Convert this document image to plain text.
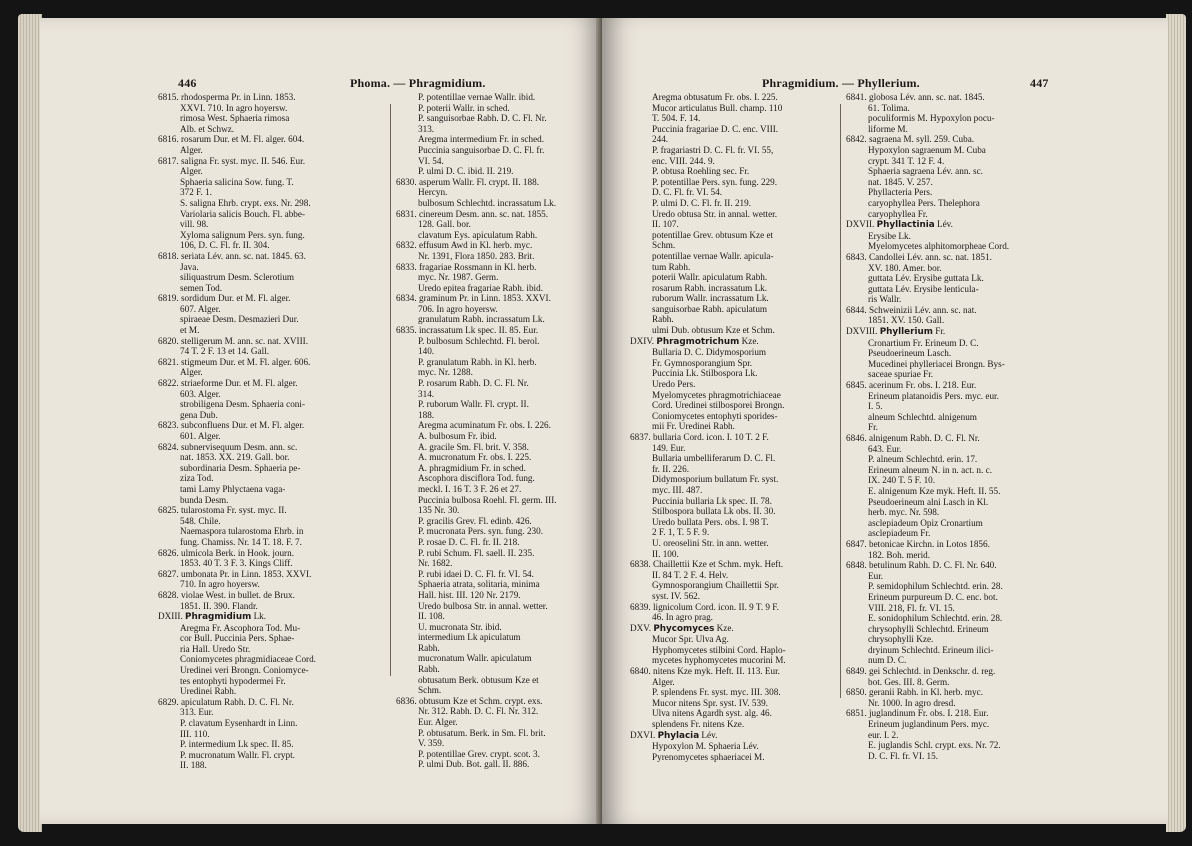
446	Phoma. — Phragmidium.

6815. rhodosperma Pr. in Linn. 1853.

XXVI. 710. In agro hoyersw.

rimosa West. Sphaeria rimosa

Alb. et Schwz.

6816. rosarum Dur. et M. Fl. alger. 604.

Alger.

6817. saligna Fr. syst. myc. II. 546. Eur.

Alger.

Sphaeria salicina Sow. fung. T.

372 F. 1.

S. saligna Ehrb. crypt. exs. Nr. 298.

Variolaria salicis Bouch. Fl. abbe-

vill. 98.

Xyloma salignum Pers. syn. fung.

106, D. C. Fl. fr. II. 304.

6818. seriata Lév. ann. sc. nat. 1845. 63.

Java.

siliquastrum Desm. Sclerotium

semen Tod.

6819. sordidum Dur. et M. Fl. alger.

607. Alger.

spiraeae Desm. Desmazieri Dur.

et M.

6820. stelligerum M. ann. sc. nat. XVIII.

74 T. 2 F. 13 et 14. Gall.

6821. stigmeum Dur. et M. Fl. alger. 606.

Alger.

6822. striaeforme Dur. et M. Fl. alger.

603. Alger.

strobiligena Desm. Sphaeria coni-

gena Dub.

6823. subconfluens Dur. et M. Fl. alger.

601. Alger.

6824. subnervisequum Desm. ann. sc.

nat. 1853. XX. 219. Gall. bor.

subordinaria Desm. Sphaeria pe-

ziza Tod.

tami Lamy Phlyctaena vaga-

bunda Desm.

6825. tularostoma Fr. syst. myc. II.

548. Chile.

Naemaspora tularostoma Ehrb. in

fung. Chamiss. Nr. 14 T. 18. F. 7.

6826. ulmicola Berk. in Hook. journ.

1853. 40 T. 3 F. 3. Kings Cliff.

6827. umbonata Pr. in Linn. 1853. XXVI.

710. In agro hoyersw.

6828. violae West. in bullet. de Brux.

1851. II. 390. Flandr.

DXIII. Phragmidium Lk.

Aregma Fr. Ascophora Tod. Mu-

cor Bull. Puccinia Pers. Sphae-

ria Hall. Uredo Str.

Coniomycetes phragmidiaceae Cord.

Uredinei veri Brongn. Coniomyce-

tes entophyti hypodermei Fr.

Uredinei Rabh.

6829. apiculatum Rabh. D. C. Fl. Nr.

313. Eur.

P. clavatum Eysenhardt in Linn.

III. 110.

P. intermedium Lk spec. II. 85.

P. mucronatum Wallr. Fl. crypt.

II. 188.

P. potentillae vernae Wallr. ibid.

P. poterii Wallr. in sched.

P. sanguisorbae Rabh. D. C. Fl. Nr.

313.

Aregma intermedium Fr. in sched.

Puccinia sanguisorbae D. C. Fl. fr.

VI. 54.

P. ulmi D. C. ibid. II. 219.

6830. asperum Wallr. Fl. crypt. II. 188.

Hercyn.

bulbosum Schlechtd. incrassatum Lk.

6831. cinereum Desm. ann. sc. nat. 1855.

128. Gall. bor.

clavatum Eys. apiculatum Rabh.

6832. effusum Awd in Kl. herb. myc.

Nr. 1391, Flora 1850. 283. Brit.

6833. fragariae Rossmann in Kl. herb.

myc. Nr. 1987. Germ.

Uredo epitea fragariae Rabh. ibid.

6834. graminum Pr. in Linn. 1853. XXVI.

706. In agro hoyersw.

granulatum Rabh. incrassatum Lk.

6835. incrassatum Lk spec. II. 85. Eur.

P. bulbosum Schlechtd. Fl. berol.

140.

P. granulatum Rabh. in Kl. herb.

myc. Nr. 1288.

P. rosarum Rabh. D. C. Fl. Nr.

314.

P. ruborum Wallr. Fl. crypt. II.

188.

Aregma acuminatum Fr. obs. I. 226.

A. bulbosum Fr. ibid.

A. gracile Sm. Fl. brit. V. 358.

A. mucronatum Fr. obs. I. 225.

A. phragmidium Fr. in sched.

Ascophora disciflora Tod. fung.

meckl. I. 16 T. 3 F. 26 et 27.

Puccinia bulbosa Roehl. Fl. germ. III.

135 Nr. 30.

P. gracilis Grev. Fl. edinb. 426.

P. mucronata Pers. syn. fung. 230.

P. rosae D. C. Fl. fr. II. 218.

P. rubi Schum. Fl. saell. II. 235.

Nr. 1682.

P. rubi idaei D. C. Fl. fr. VI. 54.

Sphaeria atrata, solitaria, minima

Hall. hist. III. 120 Nr. 2179.

Uredo bulbosa Str. in annal. wetter.

II. 108.

U. mucronata Str. ibid.

intermedium Lk apiculatum

Rabh.

mucronatum Wallr. apiculatum

Rabh.

obtusatum Berk. obtusum Kze et

Schm.

6836. obtusum Kze et Schm. crypt. exs.

Nr. 312. Rabh. D. C. Fl. Nr. 312.

Eur. Alger.

P. obtusatum. Berk. in Sm. Fl. brit.

V. 359.

P. potentillae Grev. crypt. scot. 3.

P. ulmi Dub. Bot. gall. II. 886.

Phragmidium. — Phyllerium.	447

Aregma obtusatum Fr. obs. I. 225.

Mucor articulatus Bull. champ. 110

T. 504. F. 14.

Puccinia fragariae D. C. enc. VIII.

244.

P. fragariastri D. C. Fl. fr. VI. 55,

enc. VIII. 244. 9.

P. obtusa Roehling sec. Fr.

P. potentillae Pers. syn. fung. 229.

D. C. Fl. fr. VI. 54.

P. ulmi D. C. Fl. fr. II. 219.

Uredo obtusa Str. in annal. wetter.

II. 107.

potentillae Grev. obtusum Kze et

Schm.

potentillae vernae Wallr. apicula-

tum Rabh.

poterii Wallr. apiculatum Rabh.

rosarum Rabh. incrassatum Lk.

ruborum Wallr. incrassatum Lk.

sanguisorbae Rabh. apiculatum

Rabh.

ulmi Dub. obtusum Kze et Schm.

DXIV. Phragmotrichum Kze.

Bullaria D. C. Didymosporium

Fr. Gymnosporangium Spr.

Puccinia Lk. Stilbospora Lk.

Uredo Pers.

Myelomycetes phragmotrichiaceae

Cord. Uredinei stilbosporei Brongn.

Coniomycetes entophyti sporides-

mii Fr. Uredinei Rabh.

6837. bullaria Cord. icon. I. 10 T. 2 F.

149. Eur.

Bullaria umbelliferarum D. C. Fl.

fr. II. 226.

Didymosporium bullatum Fr. syst.

myc. III. 487.

Puccinia bullaria Lk spec. II. 78.

Stilbospora bullata Lk obs. II. 30.

Uredo bullata Pers. obs. I. 98 T.

2 F. 1, T. 5 F. 9.

U. oreoselini Str. in ann. wetter.

II. 100.

6838. Chaillettii Kze et Schm. myk. Heft.

II. 84 T. 2 F. 4. Helv.

Gymnosporangium Chaillettii Spr.

syst. IV. 562.

6839. lignicolum Cord. icon. II. 9 T. 9 F.

46. In agro prag.

DXV. Phycomyces Kze.

Mucor Spr. Ulva Ag.

Hyphomycetes stilbini Cord. Haplo-

mycetes hyphomycetes mucorini M.

6840. nitens Kze myk. Heft. II. 113. Eur.

Alger.

P. splendens Fr. syst. myc. III. 308.

Mucor nitens Spr. syst. IV. 539.

Ulva nitens Agardh syst. alg. 46.

splendens Fr. nitens Kze.

DXVI. Phylacia Lév.

Hypoxylon M. Sphaeria Lév.

Pyrenomycetes sphaeriacei M.

6841. globosa Lév. ann. sc. nat. 1845.

61. Tolima.

poculiformis M. Hypoxylon pocu-

liforme M.

6842. sagraena M. syll. 259. Cuba.

Hypoxylon sagraenum M. Cuba

crypt. 341 T. 12 F. 4.

Sphaeria sagraena Lév. ann. sc.

nat. 1845. V. 257.

Phyllacteria Pers.

caryophyllea Pers. Thelephora

caryophyllea Fr.

DXVII. Phyllactinia Lév.

Erysibe Lk.

Myelomycetes alphitomorpheae Cord.

6843. Candollei Lév. ann. sc. nat. 1851.

XV. 180. Amer. bor.

guttata Lév. Erysibe guttata Lk.

guttata Lév. Erysibe lenticula-

ris Wallr.

6844. Schweinizii Lév. ann. sc. nat.

1851. XV. 150. Gall.

DXVIII. Phyllerium Fr.

Cronartium Fr. Erineum D. C.

Pseudoerineum Lasch.

Mucedinei phylleriacei Brongn. Bys-

saceae spuriae Fr.

6845. acerinum Fr. obs. I. 218. Eur.

Erineum platanoidis Pers. myc. eur.

I. 5.

alneum Schlechtd. alnigenum

Fr.

6846. alnigenum Rabh. D. C. Fl. Nr.

643. Eur.

P. alneum Schlechtd. erin. 17.

Erineum alneum N. in n. act. n. c.

IX. 240 T. 5 F. 10.

E. alnigenum Kze myk. Heft. II. 55.

Pseudoerineum alni Lasch in Kl.

herb. myc. Nr. 598.

asclepiadeum Opiz Cronartium

asclepiadeum Fr.

6847. betonicae Kirchn. in Lotos 1856.

182. Boh. merid.

6848. betulinum Rabh. D. C. Fl. Nr. 640.

Eur.

P. semidophilum Schlechtd. erin. 28.

Erineum purpureum D. C. enc. bot.

VIII. 218, Fl. fr. VI. 15.

E. sonidophilum Schlechtd. erin. 28.

chrysophylli Schlechtd. Erineum

chrysophylli Kze.

dryinum Schlechtd. Erineum ilici-

num D. C.

6849. gei Schlechtd. in Denkschr. d. reg.

bot. Ges. III. 8. Germ.

6850. geranii Rabh. in Kl. herb. myc.

Nr. 1000. In agro dresd.

6851. juglandinum Fr. obs. I. 218. Eur.

Erineum juglandinum Pers. myc.

eur. I. 2.

E. juglandis Schl. crypt. exs. Nr. 72.

D. C. Fl. fr. VI. 15.
